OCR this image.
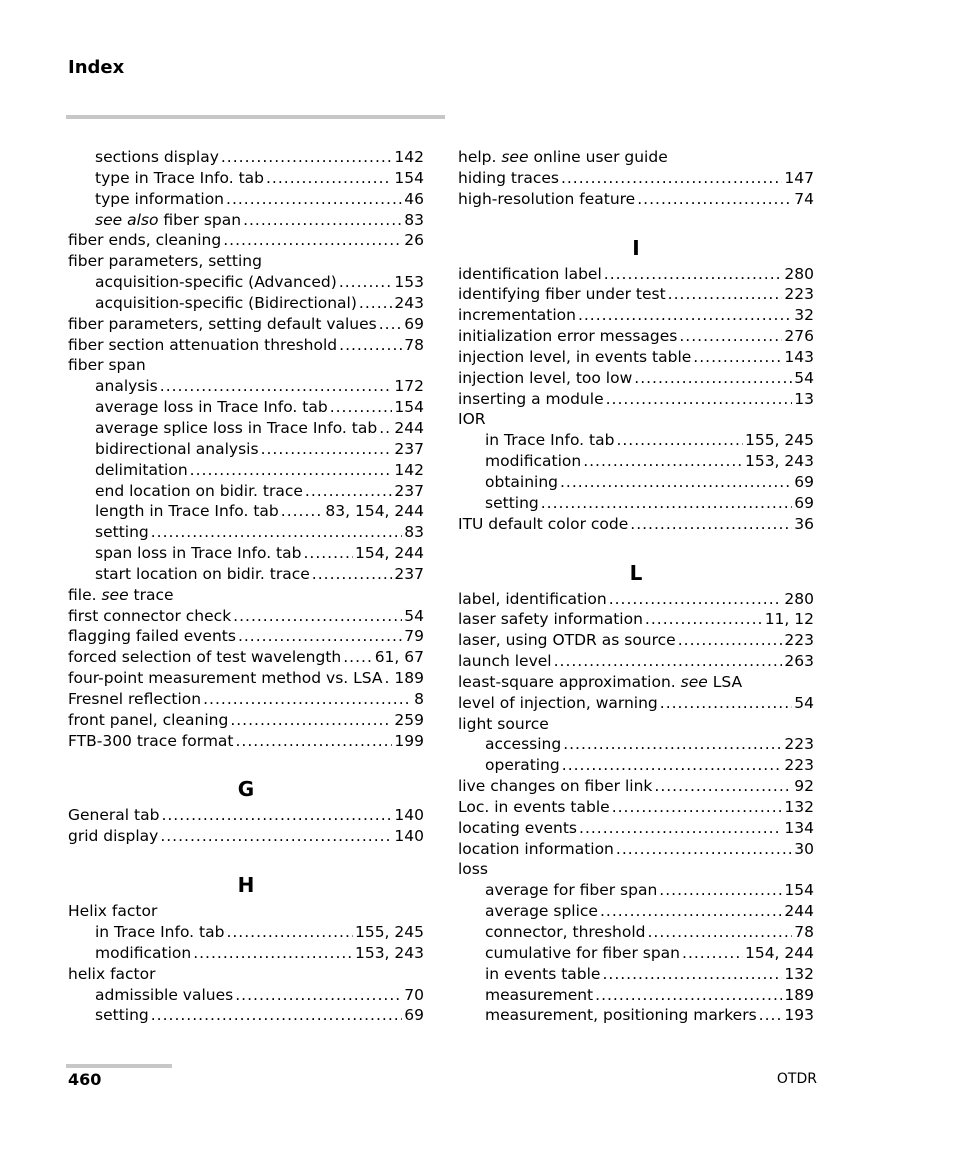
Index
sections display .....	142
type in Trace Info. tab .....	154
type information .....	46
see also fiber span .....	83
fiber ends, cleaning .....	26
fiber parameters, setting
acquisition-specific (Advanced) .....	153
acquisition-specific (Bidirectional) ..... 243
fiber parameters, setting default values ..... 69
fiber section attenuation threshold .....	78
fiber span
analysis .....	172
average loss in Trace Info. tab .....	154
average splice loss in Trace Info. tab ..... 244
bidirectional analysis .....	237
delimitation .....	142
end location on bidir. trace .....	237
length in Trace Info. tab .....	83, 154, 244
setting .....	83
span loss in Trace Info. tab .....	154, 244
start location on bidir. trace .....	237
file. see trace
first connector check .....	54
flagging failed events .....	79
forced selection of test wavelength ..... 61, 67
four-point measurement method vs. LSA ..... 189
Fresnel reflection .....	8
front panel, cleaning .....	259
FTB-300 trace format .....	199
G
General tab .....	140
grid display .....	140
H
Helix factor
in Trace Info. tab .....	155, 245
modification .....	153, 243
helix factor
admissible values .....	70
setting .....	69
help. see online user guide
hiding traces .....	147
high-resolution feature .....	74
I
identification label .....	280
identifying fiber under test .....	223
incrementation .....	32
initialization error messages .....	276
injection level, in events table .....	143
injection level, too low .....	54
inserting a module .....	13
IOR
in Trace Info. tab .....	155, 245
modification .....	153, 243
obtaining .....	69
setting .....	69
ITU default color code .....	36
L
label, identification .....	280
laser safety information .....	11, 12
laser, using OTDR as source .....	223
launch level .....	263
least-square approximation. see LSA
level of injection, warning .....	54
light source
accessing .....	223
operating .....	223
live changes on fiber link .....	92
Loc. in events table .....	132
locating events .....	134
location information .....	30
loss
average for fiber span .....	154
average splice .....	244
connector, threshold .....	78
cumulative for fiber span .....	154, 244
in events table .....	132
measurement .....	189
measurement, positioning markers ..... 193
460	OTDR
